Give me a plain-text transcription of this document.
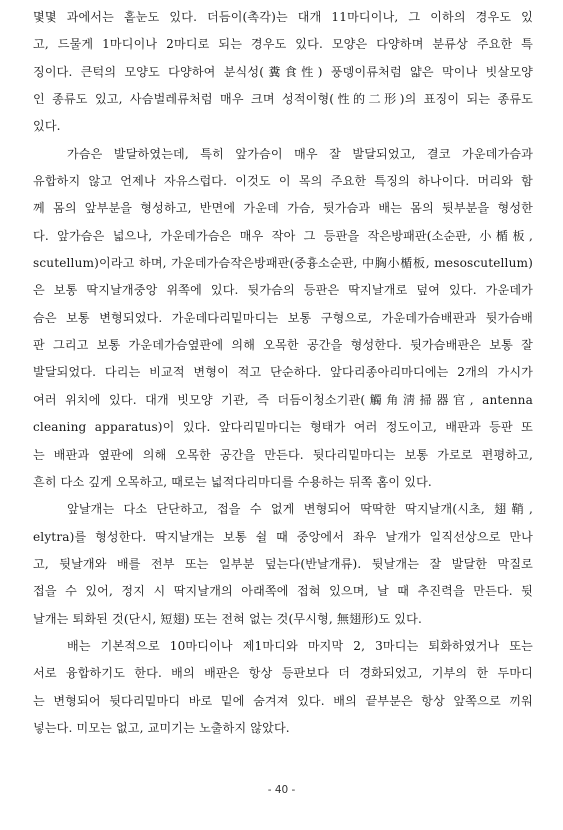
몇몇 과에서는 홑눈도 있다. 더듬이(촉각)는 대개 11마디이나, 그 이하의 경우도 있
고, 드물게 1마디이나 2마디로 되는 경우도 있다. 모양은 다양하며 분류상 주요한 특
징이다. 큰턱의 모양도 다양하여 분식성(糞食性) 풍뎅이류처럼 얇은 막이나 빗살모양
인 종류도 있고, 사슴벌레류처럼 매우 크며 성적이형(性的二形)의 표징이 되는 종류도
있다.
가슴은 발달하였는데, 특히 앞가슴이 매우 잘 발달되었고, 결코 가운데가슴과
유합하지 않고 언제나 자유스럽다. 이것도 이 목의 주요한 특징의 하나이다. 머리와 함
께 몸의 앞부분을 형성하고, 반면에 가운데 가슴, 뒷가슴과 배는 몸의 뒷부분을 형성한
다. 앞가슴은 넓으나, 가운데가슴은 매우 작아 그 등판을 작은방패판(소순판, 小楯板,
scutellum)이라고 하며, 가운데가슴작은방패판(중흉소순판, 中胸小楯板, mesoscutellum)
은 보통 딱지날개중앙 위쪽에 있다. 뒷가슴의 등판은 딱지날개로 덮여 있다. 가운데가
슴은 보통 변형되었다. 가운데다리밑마디는 보통 구형으로, 가운데가슴배판과 뒷가슴배
판 그리고 보통 가운데가슴옆판에 의해 오목한 공간을 형성한다. 뒷가슴배판은 보통 잘
발달되었다. 다리는 비교적 변형이 적고 단순하다. 앞다리종아리마디에는 2개의 가시가
여러 위치에 있다. 대개 빗모양 기관, 즉 더듬이청소기관(觸角淸掃器官, antenna
cleaning apparatus)이 있다. 앞다리밑마디는 형태가 여러 정도이고, 배판과 등판 또
는 배판과 옆판에 의해 오목한 공간을 만든다. 뒷다리밑마디는 보통 가로로 편평하고,
흔히 다소 깊게 오목하고, 때로는 넓적다리마디를 수용하는 뒤쪽 홈이 있다.
앞날개는 다소 단단하고, 접을 수 없게 변형되어 딱딱한 딱지날개(시초, 翅鞘,
elytra)를 형성한다. 딱지날개는 보통 쉴 때 중앙에서 좌우 날개가 일직선상으로 만나
고, 뒷날개와 배를 전부 또는 일부분 덮는다(반날개류). 뒷날개는 잘 발달한 막질로
접을 수 있어, 정지 시 딱지날개의 아래쪽에 접혀 있으며, 날 때 추진력을 만든다. 뒷
날개는 퇴화된 것(단시, 短翅) 또는 전혀 없는 것(무시형, 無翅形)도 있다.
배는 기본적으로 10마디이나 제1마디와 마지막 2, 3마디는 퇴화하였거나 또는
서로 융합하기도 한다. 배의 배판은 항상 등판보다 더 경화되었고, 기부의 한 두마디
는 변형되어 뒷다리밑마디 바로 밑에 숨겨져 있다. 배의 끝부분은 항상 앞쪽으로 끼워
넣는다. 미모는 없고, 교미기는 노출하지 않았다.
- 40 -
